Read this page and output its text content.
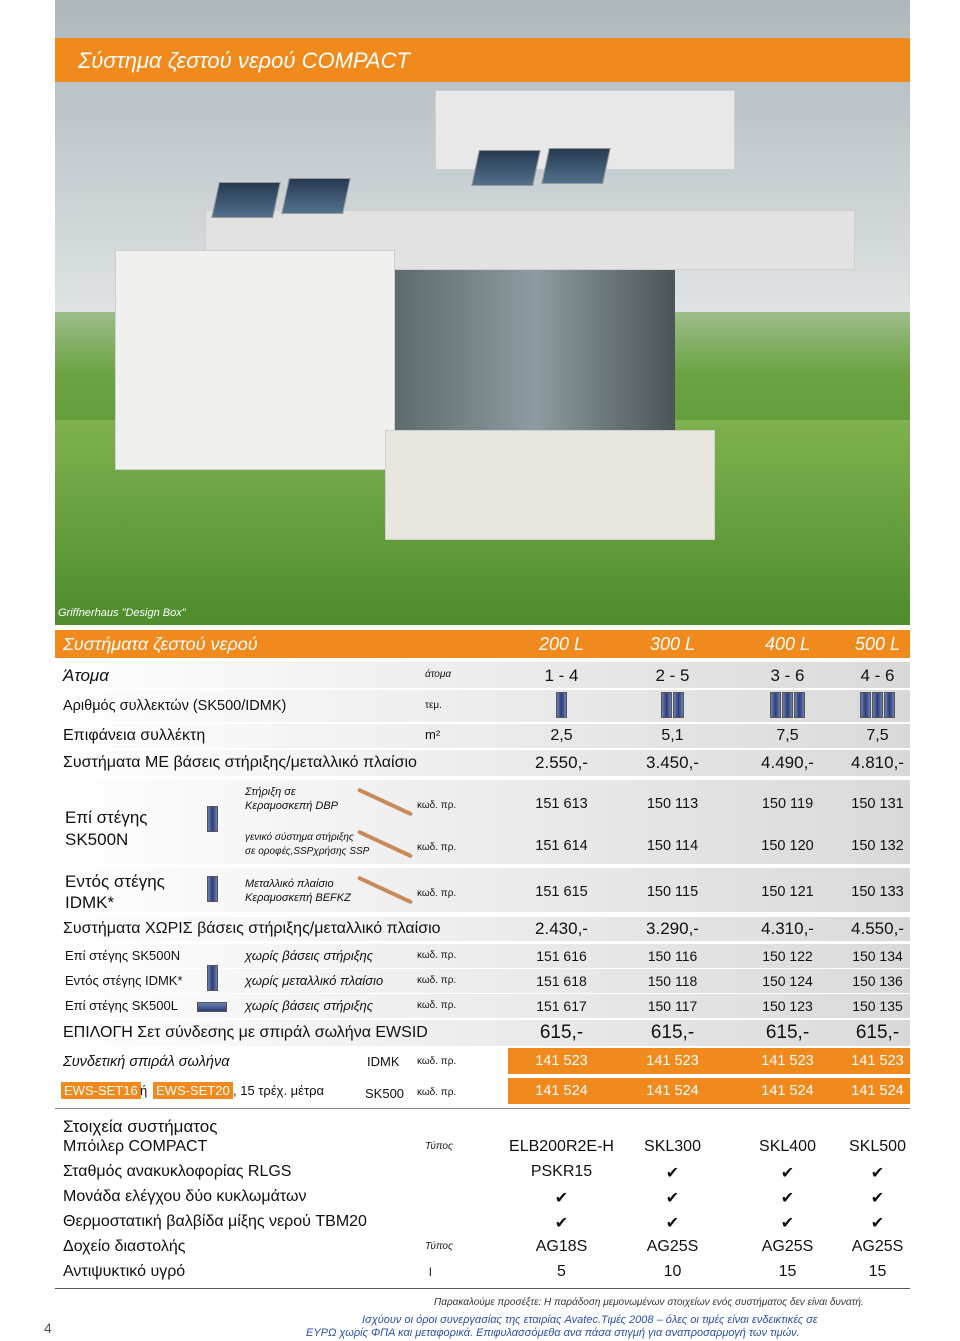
Σύστημα ζεστού νερού COMPACT
Griffnerhaus "Design Box"
Συστήματα ζεστού νερού	200 L	300 L	400 L	500 L
Άτομα	άτομα	1 - 4	2 - 5	3 - 6	4 - 6
Αριθμός συλλεκτών (SK500/IDMK)	τεμ.
Επιφάνεια συλλέκτη	m²	2,5	5,1	7,5	7,5
Συστήματα ΜΕ βάσεις στήριξης/μεταλλικό πλαίσιο	2.550,-	3.450,-	4.490,-	4.810,-
Επί στέγης
SK500N
Στήριξη σε
Κεραμοσκεπή DBP	κωδ. πρ.	151 613	150 113	150 119	150 131
γενικό σύστημα στήριξης
σε οροφές,SSPχρήσης SSP	κωδ. πρ.	151 614	150 114	150 120	150 132
Εντός στέγης
IDMK*
Μεταλλικό πλαίσιο
Κεραμοσκεπή BEFKZ	κωδ. πρ.	151 615	150 115	150 121	150 133
Συστήματα ΧΩΡΙΣ βάσεις στήριξης/μεταλλικό πλαίσιο	2.430,-	3.290,-	4.310,-	4.550,-
Επί στέγης SK500N	χωρίς βάσεις στήριξης	κωδ. πρ.	151 616	150 116	150 122	150 134
Εντός στέγης IDMK*	χωρίς μεταλλικό πλαίσιο	κωδ. πρ.	151 618	150 118	150 124	150 136
Επί στέγης SK500L	χωρίς βάσεις στήριξης	κωδ. πρ.	151 617	150 117	150 123	150 135
ΕΠΙΛΟΓΗ Σετ σύνδεσης με σπιράλ σωλήνα EWSID	615,-	615,-	615,-	615,-
Συνδετική σπιράλ σωλήνα
EWS-SET16 ή EWS-SET20 , 15 τρέχ. μέτρα
IDMK κωδ. πρ.	141 523	141 523	141 523	141 523
SK500 κωδ. πρ.	141 524	141 524	141 524	141 524
Στοιχεία συστήματος
Μπόιλερ COMPACT	Τύπος	ELB200R2E-H	SKL300	SKL400	SKL500
Σταθμός ανακυκλοφορίας RLGS	PSKR15	✔	✔	✔
Μονάδα ελέγχου δύο κυκλωμάτων	✔	✔	✔	✔
Θερμοστατική βαλβίδα μίξης νερού TBM20	✔	✔	✔	✔
Δοχείο διαστολής	Τύπος	AG18S	AG25S	AG25S	AG25S
Αντιψυκτικό υγρό	l	5	10	15	15
Παρακαλούμε προσέξτε: Η παράδοση μεμονωμένων στοιχείων ενός συστήματος δεν είναι δυνατή.
4	Ισχύουν οι όροι συνεργασίας της εταιρίας Avatec.Τιμές 2008 – όλες οι τιμές είναι ενδεικτικές σε
ΕΥΡΩ χωρίς ΦΠΑ και μεταφορικά. Επιφυλασσόμεθα ανα πάσα στιγμή για αναπροσαρμογή των τιμών.
